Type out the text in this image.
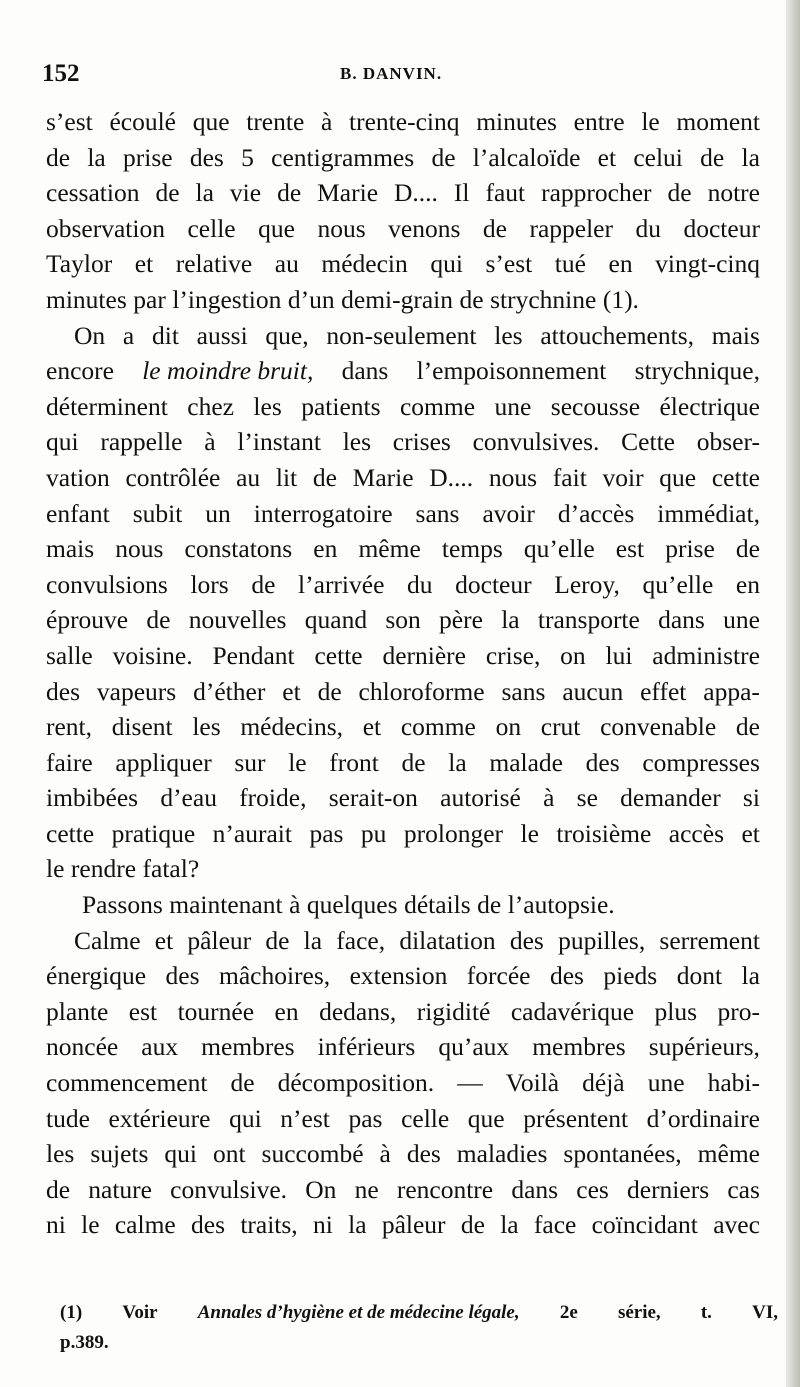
152	B. DANVIN.
s’est écoulé que trente à trente-cinq minutes entre le moment
de la prise des 5 centigrammes de l’alcaloïde et celui de la
cessation de la vie de Marie D.... Il faut rapprocher de notre
observation celle que nous venons de rappeler du docteur
Taylor et relative au médecin qui s’est tué en vingt-cinq
minutes par l’ingestion d’un demi-grain de strychnine (1).
On a dit aussi que, non-seulement les attouchements, mais
encore le moindre bruit, dans l’empoisonnement strychnique,
déterminent chez les patients comme une secousse électrique
qui rappelle à l’instant les crises convulsives. Cette obser-
vation contrôlée au lit de Marie D.... nous fait voir que cette
enfant subit un interrogatoire sans avoir d’accès immédiat,
mais nous constatons en même temps qu’elle est prise de
convulsions lors de l’arrivée du docteur Leroy, qu’elle en
éprouve de nouvelles quand son père la transporte dans une
salle voisine. Pendant cette dernière crise, on lui administre
des vapeurs d’éther et de chloroforme sans aucun effet appa-
rent, disent les médecins, et comme on crut convenable de
faire appliquer sur le front de la malade des compresses
imbibées d’eau froide, serait-on autorisé à se demander si
cette pratique n’aurait pas pu prolonger le troisième accès et
le rendre fatal?
Passons maintenant à quelques détails de l’autopsie.
Calme et pâleur de la face, dilatation des pupilles, serrement
énergique des mâchoires, extension forcée des pieds dont la
plante est tournée en dedans, rigidité cadavérique plus pro-
noncée aux membres inférieurs qu’aux membres supérieurs,
commencement de décomposition. — Voilà déjà une habi-
tude extérieure qui n’est pas celle que présentent d’ordinaire
les sujets qui ont succombé à des maladies spontanées, même
de nature convulsive. On ne rencontre dans ces derniers cas
ni le calme des traits, ni la pâleur de la face coïncidant avec
(1) Voir Annales d’hygiène et de médecine légale, 2e série, t. VI,
p. 389.
